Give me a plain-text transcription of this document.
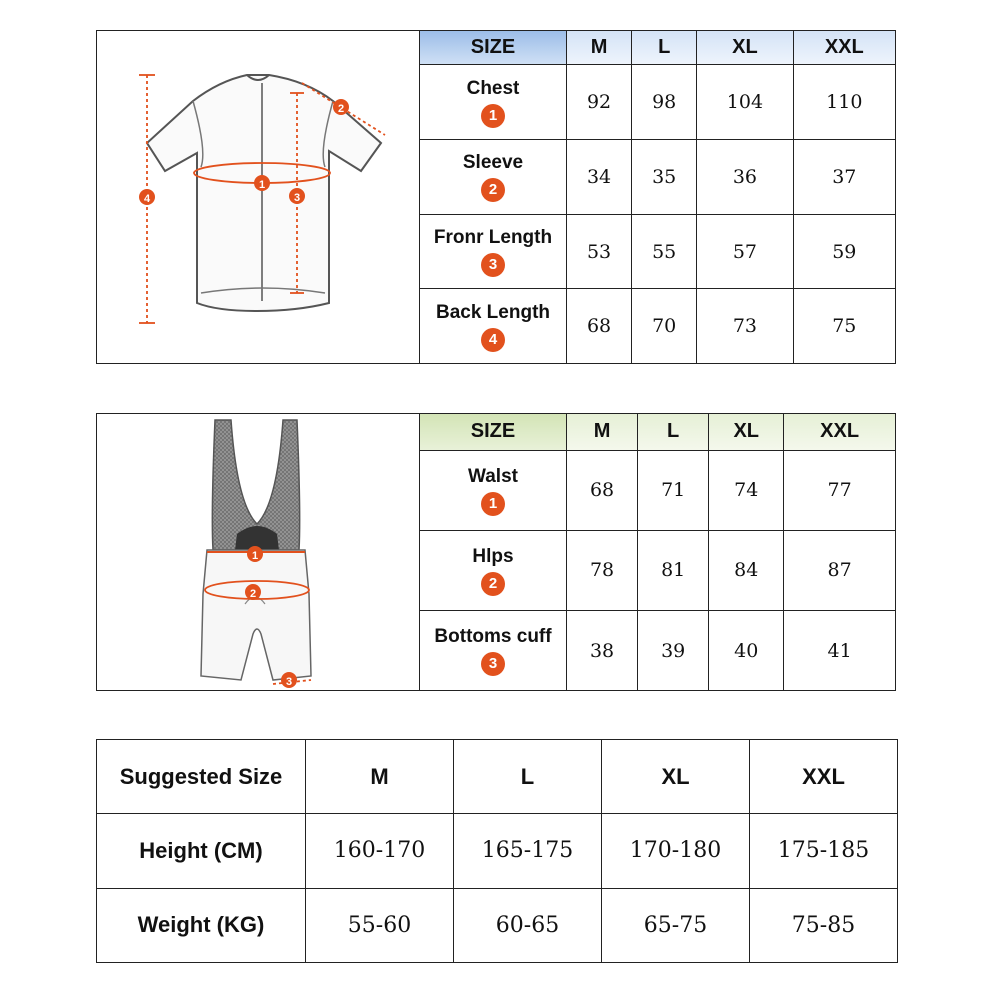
1
2
3
4
SIZE	M	L	XL	XXL

Chest
1	92	98	104	110

Sleeve
2	34	35	36	37

Fronr Length
3	53	55	57	59

Back Length
4	68	70	73	75
1
2
3
SIZE	M	L	XL	XXL

Walst
1	68	71	74	77

Hlps
2	78	81	84	87

Bottoms cuff
3	38	39	40	41
Suggested Size	M	L	XL	XXL
Height (CM)	160-170	165-175	170-180	175-185
Weight (KG)	55-60	60-65	65-75	75-85
